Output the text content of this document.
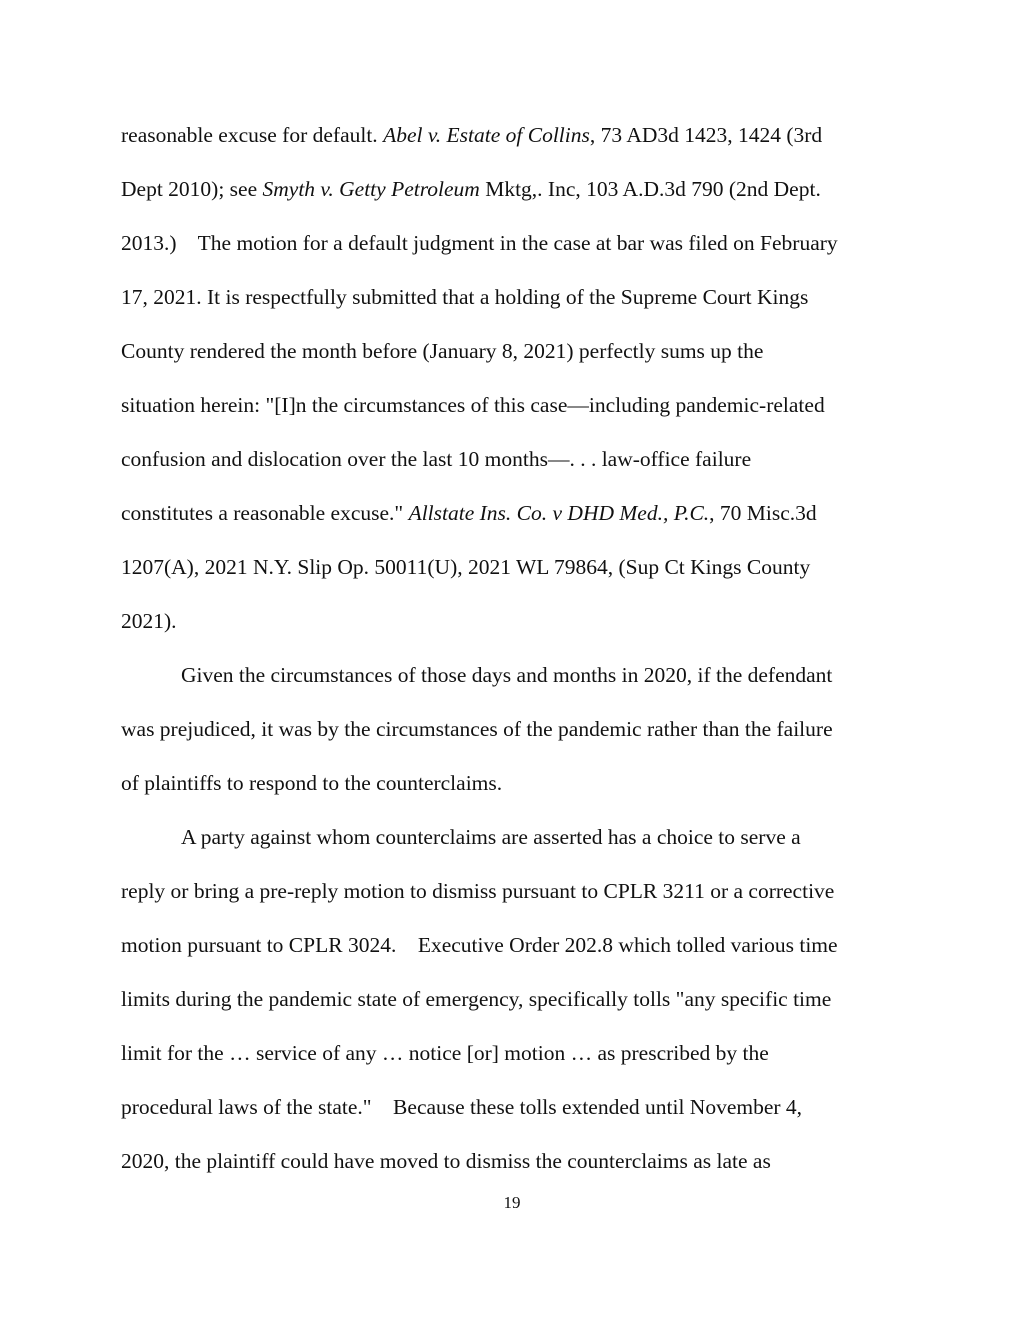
reasonable excuse for default. Abel v. Estate of Collins, 73 AD3d 1423, 1424 (3rd
Dept 2010); see Smyth v. Getty Petroleum Mktg,. Inc, 103 A.D.3d 790 (2nd Dept.
2013.)    The motion for a default judgment in the case at bar was filed on February
17, 2021. It is respectfully submitted that a holding of the Supreme Court Kings
County rendered the month before (January 8, 2021) perfectly sums up the
situation herein: "[I]n the circumstances of this case—including pandemic-related
confusion and dislocation over the last 10 months—. . . law-office failure
constitutes a reasonable excuse." Allstate Ins. Co. v DHD Med., P.C., 70 Misc.3d
1207(A), 2021 N.Y. Slip Op. 50011(U), 2021 WL 79864, (Sup Ct Kings County
2021).
Given the circumstances of those days and months in 2020, if the defendant
was prejudiced, it was by the circumstances of the pandemic rather than the failure
of plaintiffs to respond to the counterclaims.
A party against whom counterclaims are asserted has a choice to serve a
reply or bring a pre-reply motion to dismiss pursuant to CPLR 3211 or a corrective
motion pursuant to CPLR 3024.    Executive Order 202.8 which tolled various time
limits during the pandemic state of emergency, specifically tolls "any specific time
limit for the … service of any … notice [or] motion … as prescribed by the
procedural laws of the state."    Because these tolls extended until November 4,
2020, the plaintiff could have moved to dismiss the counterclaims as late as
19
